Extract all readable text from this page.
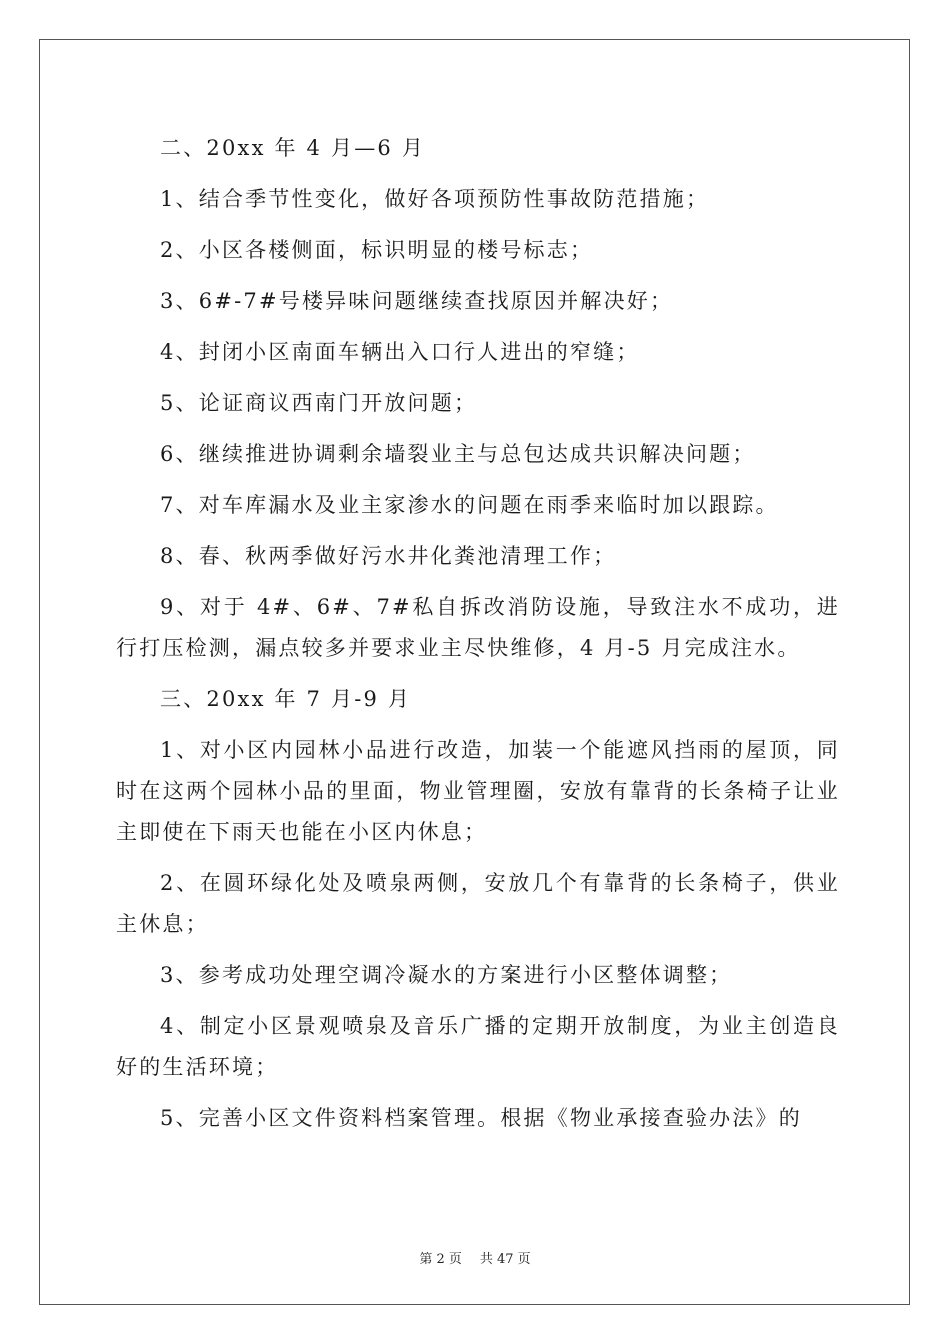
二、20xx 年 4 月—6 月

1、结合季节性变化，做好各项预防性事故防范措施；

2、小区各楼侧面，标识明显的楼号标志；

3、6#-7#号楼异味问题继续查找原因并解决好；

4、封闭小区南面车辆出入口行人进出的窄缝；

5、论证商议西南门开放问题；

6、继续推进协调剩余墙裂业主与总包达成共识解决问题；

7、对车库漏水及业主家渗水的问题在雨季来临时加以跟踪。

8、春、秋两季做好污水井化粪池清理工作；

9、对于 4#、6#、7#私自拆改消防设施，导致注水不成功，进行打压检测，漏点较多并要求业主尽快维修，4 月-5 月完成注水。

三、20xx 年 7 月-9 月

1、对小区内园林小品进行改造，加装一个能遮风挡雨的屋顶，同时在这两个园林小品的里面，物业管理圈，安放有靠背的长条椅子让业主即使在下雨天也能在小区内休息；

2、在圆环绿化处及喷泉两侧，安放几个有靠背的长条椅子，供业主休息；

3、参考成功处理空调冷凝水的方案进行小区整体调整；

4、制定小区景观喷泉及音乐广播的定期开放制度，为业主创造良好的生活环境；

5、完善小区文件资料档案管理。根据《物业承接查验办法》的

第 2 页 共 47 页
